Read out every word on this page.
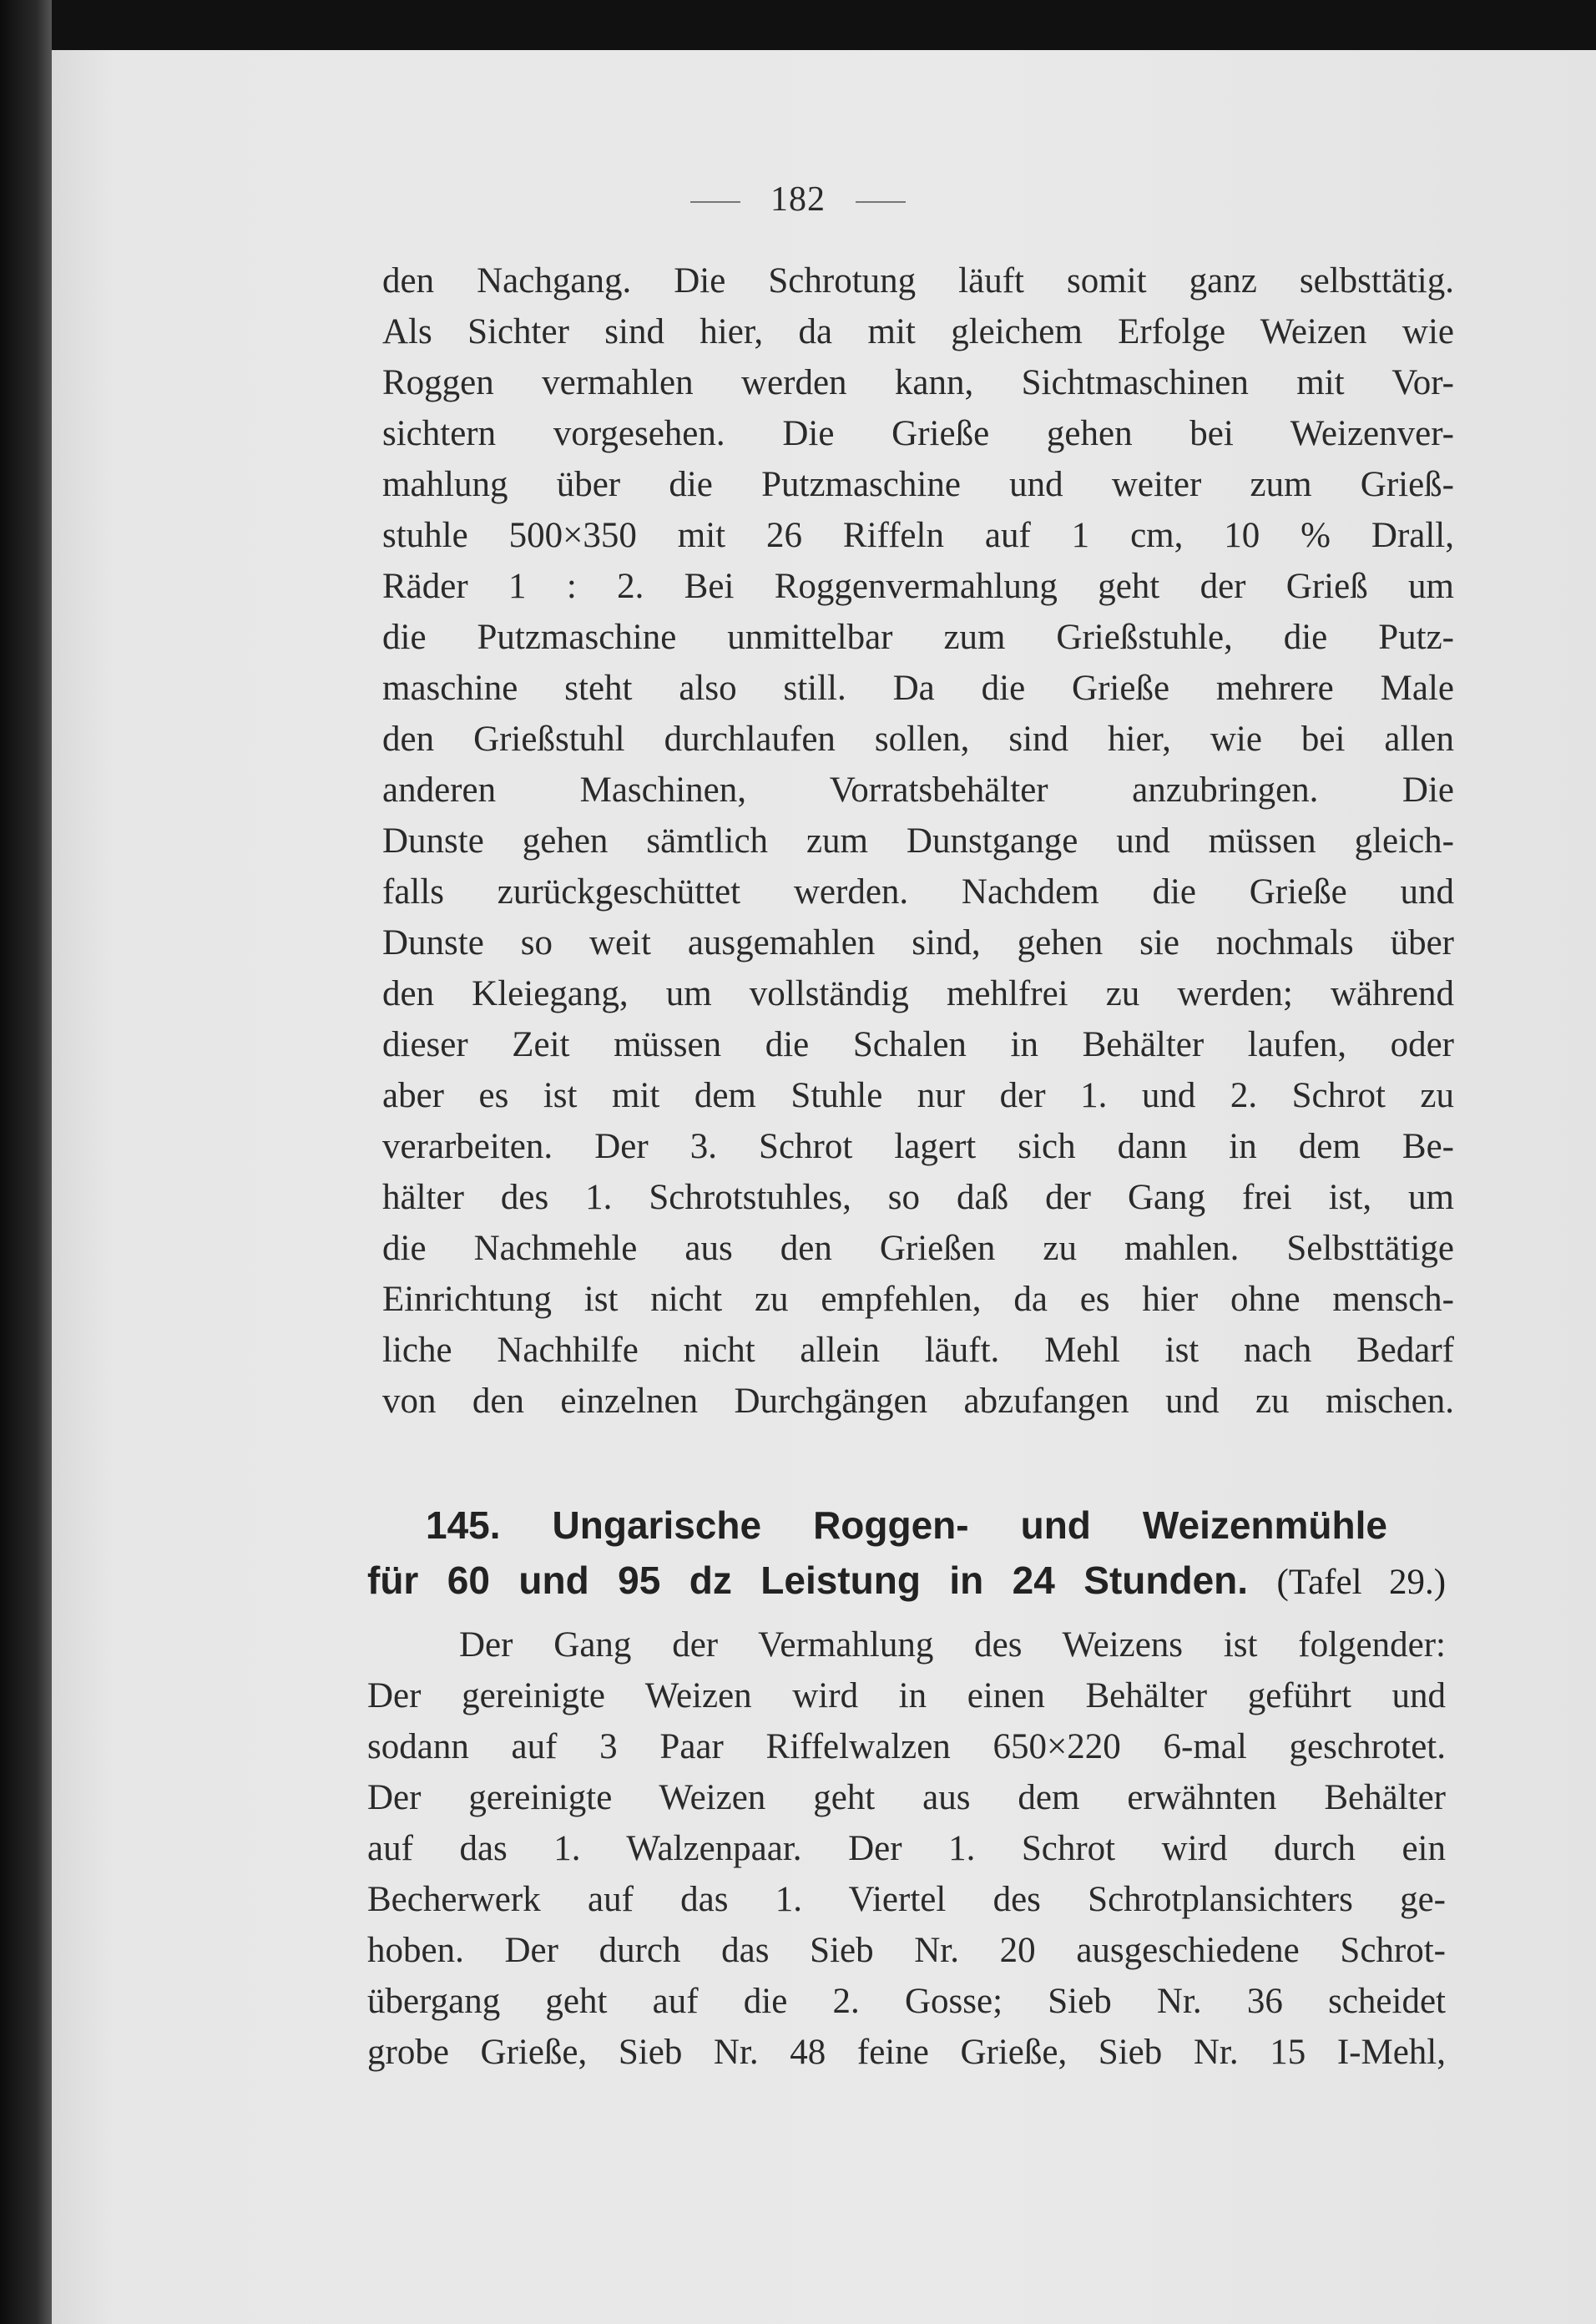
182
den Nachgang. Die Schrotung läuft somit ganz selbsttätig.
Als Sichter sind hier, da mit gleichem Erfolge Weizen wie
Roggen vermahlen werden kann, Sichtmaschinen mit Vor-
sichtern vorgesehen. Die Grieße gehen bei Weizenver-
mahlung über die Putzmaschine und weiter zum Grieß-
stuhle 500×350 mit 26 Riffeln auf 1 cm, 10 % Drall,
Räder 1 : 2. Bei Roggenvermahlung geht der Grieß um
die Putzmaschine unmittelbar zum Grießstuhle, die Putz-
maschine steht also still. Da die Grieße mehrere Male
den Grießstuhl durchlaufen sollen, sind hier, wie bei allen
anderen Maschinen, Vorratsbehälter anzubringen. Die
Dunste gehen sämtlich zum Dunstgange und müssen gleich-
falls zurückgeschüttet werden. Nachdem die Grieße und
Dunste so weit ausgemahlen sind, gehen sie nochmals über
den Kleiegang, um vollständig mehlfrei zu werden; während
dieser Zeit müssen die Schalen in Behälter laufen, oder
aber es ist mit dem Stuhle nur der 1. und 2. Schrot zu
verarbeiten. Der 3. Schrot lagert sich dann in dem Be-
hälter des 1. Schrotstuhles, so daß der Gang frei ist, um
die Nachmehle aus den Grießen zu mahlen. Selbsttätige
Einrichtung ist nicht zu empfehlen, da es hier ohne mensch-
liche Nachhilfe nicht allein läuft. Mehl ist nach Bedarf
von den einzelnen Durchgängen abzufangen und zu mischen.
145. Ungarische Roggen- und Weizenmühle
für 60 und 95 dz Leistung in 24 Stunden. (Tafel 29.)
Der Gang der Vermahlung des Weizens ist folgender:
Der gereinigte Weizen wird in einen Behälter geführt und
sodann auf 3 Paar Riffelwalzen 650×220 6-mal geschrotet.
Der gereinigte Weizen geht aus dem erwähnten Behälter
auf das 1. Walzenpaar. Der 1. Schrot wird durch ein
Becherwerk auf das 1. Viertel des Schrotplansichters ge-
hoben. Der durch das Sieb Nr. 20 ausgeschiedene Schrot-
übergang geht auf die 2. Gosse; Sieb Nr. 36 scheidet
grobe Grieße, Sieb Nr. 48 feine Grieße, Sieb Nr. 15 I-Mehl,
